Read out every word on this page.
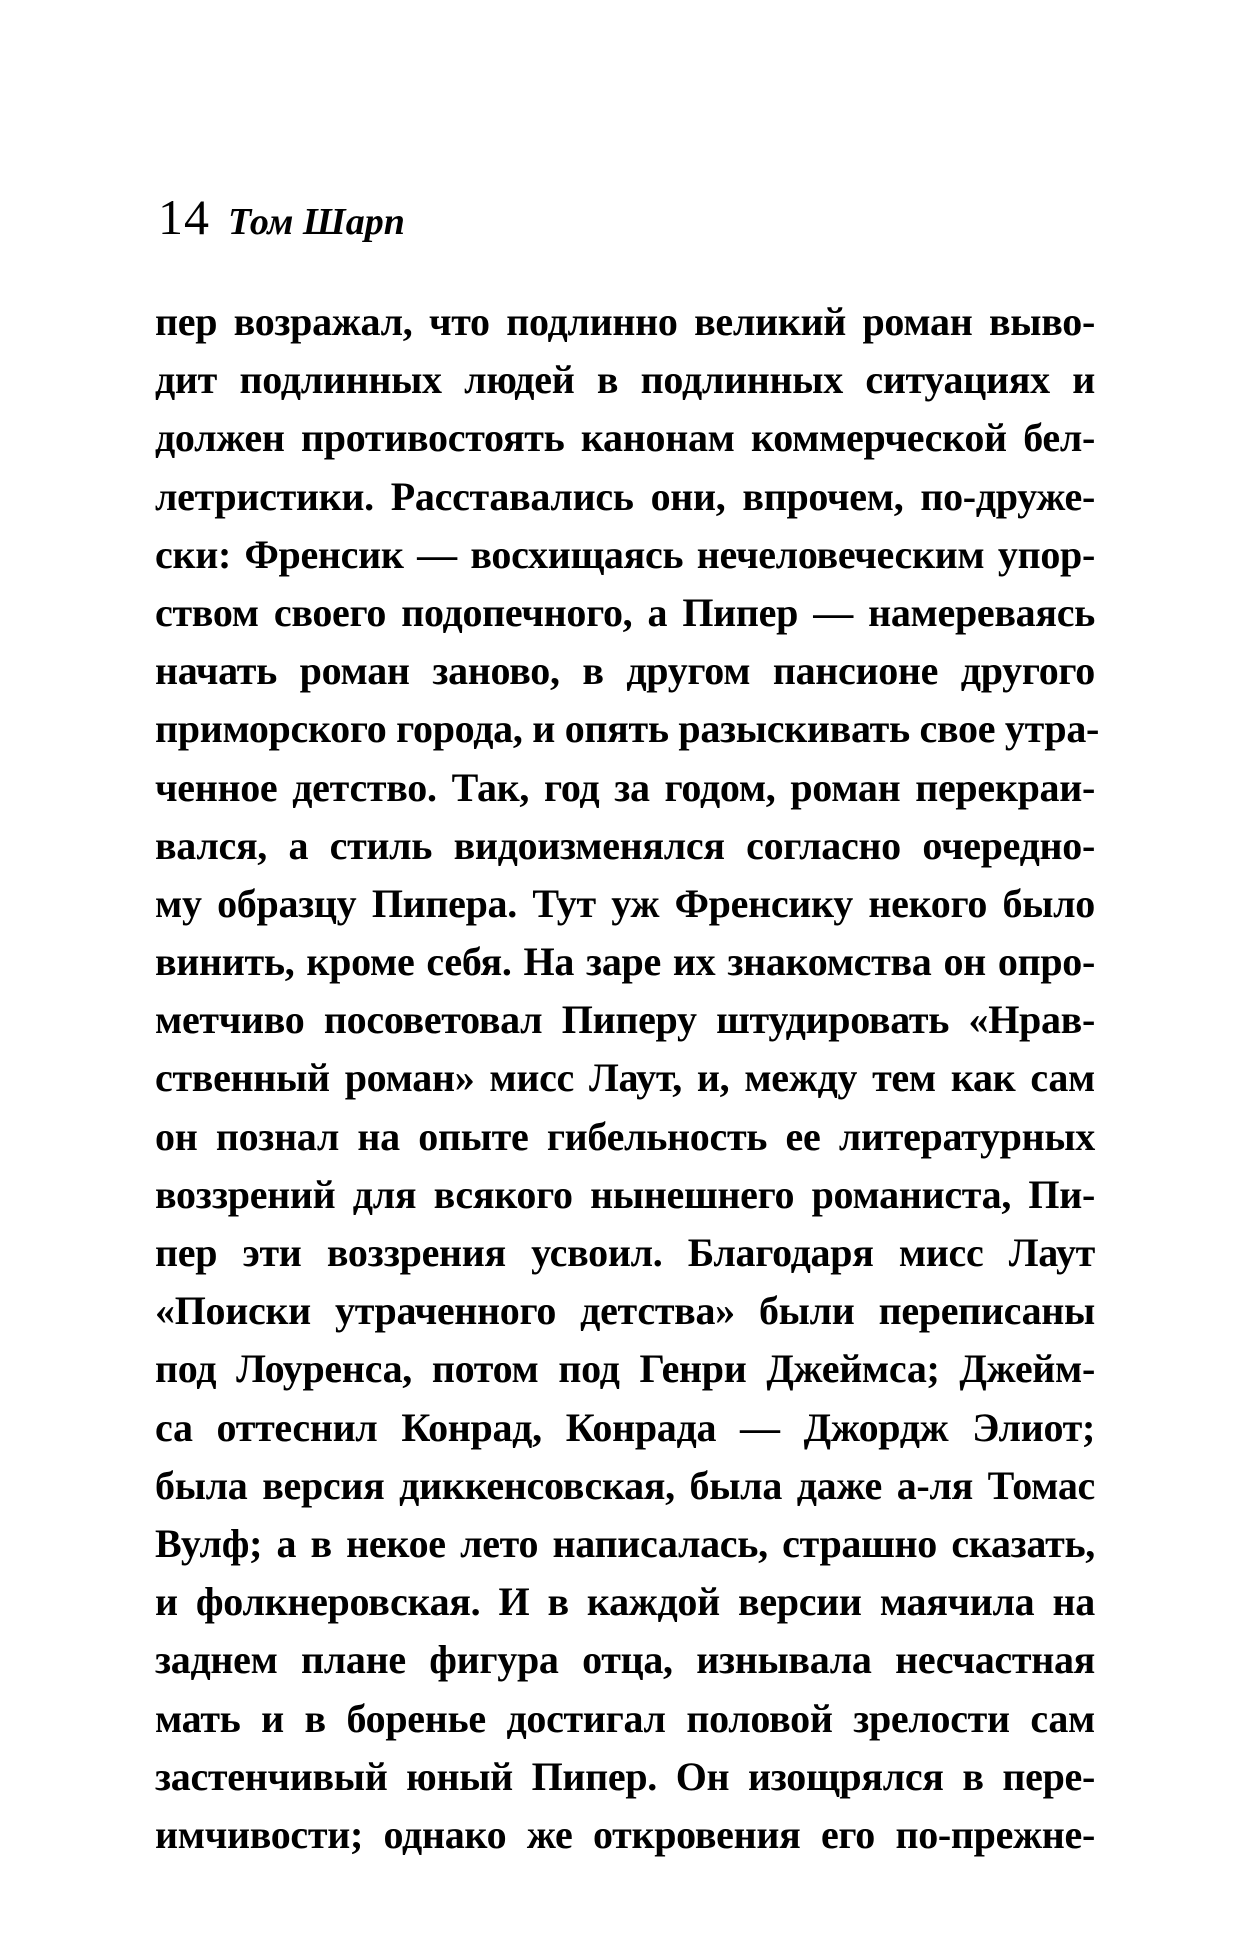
14 Том Шарп
пер возражал, что подлинно великий роман выво-
дит подлинных людей в подлинных ситуациях и
должен противостоять канонам коммерческой бел-
летристики. Расставались они, впрочем, по-друже-
ски: Френсик — восхищаясь нечеловеческим упор-
ством своего подопечного, а Пипер — намереваясь
начать роман заново, в другом пансионе другого
приморского города, и опять разыскивать свое утра-
ченное детство. Так, год за годом, роман перекраи-
вался, а стиль видоизменялся согласно очередно-
му образцу Пипера. Тут уж Френсику некого было
винить, кроме себя. На заре их знакомства он опро-
метчиво посоветовал Пиперу штудировать «Нрав-
ственный роман» мисс Лаут, и, между тем как сам
он познал на опыте гибельность ее литературных
воззрений для всякого нынешнего романиста, Пи-
пер эти воззрения усвоил. Благодаря мисс Лаут
«Поиски утраченного детства» были переписаны
под Лоуренса, потом под Генри Джеймса; Джейм-
са оттеснил Конрад, Конрада — Джордж Элиот;
была версия диккенсовская, была даже а-ля Томас
Вулф; а в некое лето написалась, страшно сказать,
и фолкнеровская. И в каждой версии маячила на
заднем плане фигура отца, изнывала несчастная
мать и в боренье достигал половой зрелости сам
застенчивый юный Пипер. Он изощрялся в пере-
имчивости; однако же откровения его по-прежне-
